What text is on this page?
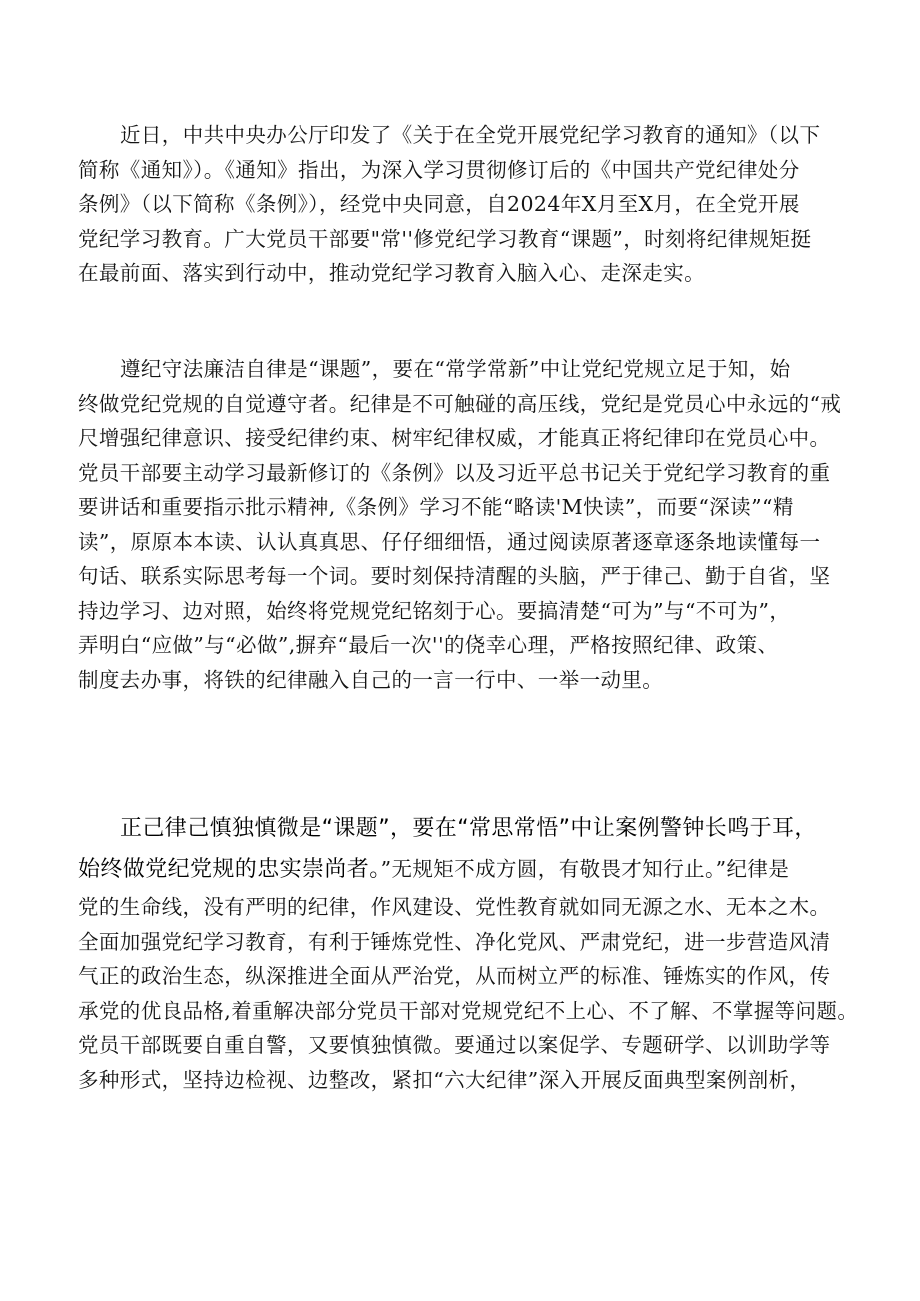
近日，中共中央办公厅印发了《关于在全党开展党纪学习教育的通知》（以下
简称《通知》）。《通知》指出，为深入学习贯彻修订后的《中国共产党纪律处分
条例》（以下简称《条例》），经党中央同意，自2024年X月至X月，在全党开展
党纪学习教育。广大党员干部要"常''修党纪学习教育“课题”，时刻将纪律规矩挺
在最前面、落实到行动中，推动党纪学习教育入脑入心、走深走实。

遵纪守法廉洁自律是“课题”，要在“常学常新”中让党纪党规立足于知，始
终做党纪党规的自觉遵守者。纪律是不可触碰的高压线，党纪是党员心中永远的“戒
尺增强纪律意识、接受纪律约束、树牢纪律权威，才能真正将纪律印在党员心中。
党员干部要主动学习最新修订的《条例》以及习近平总书记关于党纪学习教育的重
要讲话和重要指示批示精神,《条例》学习不能“略读'M快读”，而要“深读”“精
读”，原原本本读、认认真真思、仔仔细细悟，通过阅读原著逐章逐条地读懂每一
句话、联系实际思考每一个词。要时刻保持清醒的头脑，严于律己、勤于自省，坚
持边学习、边对照，始终将党规党纪铭刻于心。要搞清楚“可为”与“不可为”，
弄明白“应做”与“必做”,摒弃“最后一次''的侥幸心理，严格按照纪律、政策、
制度去办事，将铁的纪律融入自己的一言一行中、一举一动里。

正己律己慎独慎微是“课题”，要在“常思常悟”中让案例警钟长鸣于耳，
始终做党纪党规的忠实崇尚者。”无规矩不成方圆，有敬畏才知行止。”纪律是
党的生命线，没有严明的纪律，作风建设、党性教育就如同无源之水、无本之木。
全面加强党纪学习教育，有利于锤炼党性、净化党风、严肃党纪，进一步营造风清
气正的政治生态，纵深推进全面从严治党，从而树立严的标准、锤炼实的作风，传
承党的优良品格,着重解决部分党员干部对党规党纪不上心、不了解、不掌握等问题。
党员干部既要自重自警，又要慎独慎微。要通过以案促学、专题研学、以训助学等
多种形式，坚持边检视、边整改，紧扣“六大纪律”深入开展反面典型案例剖析，
